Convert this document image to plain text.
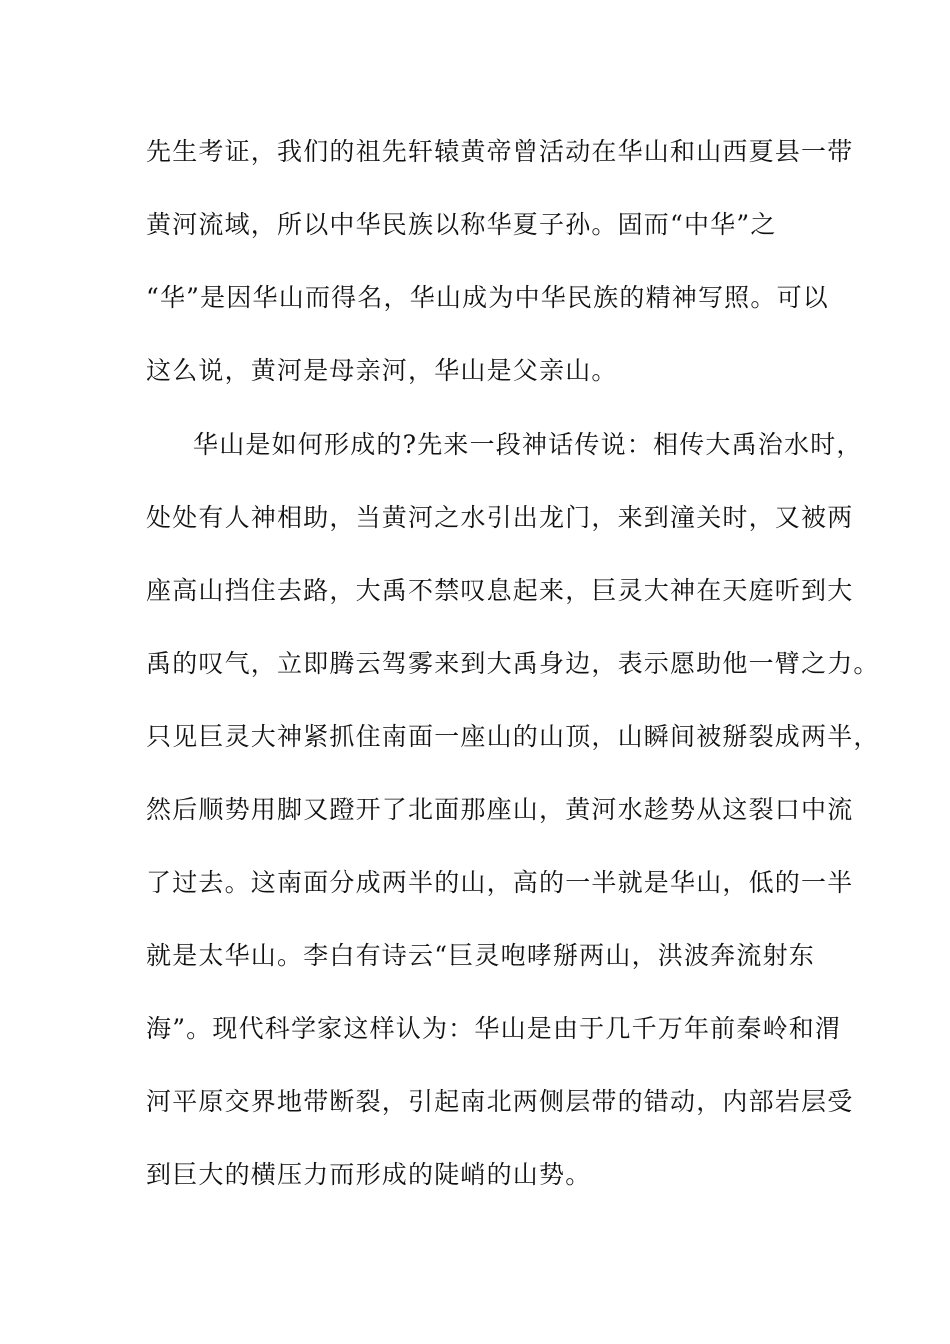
先生考证，我们的祖先轩辕黄帝曾活动在华山和山西夏县一带
黄河流域，所以中华民族以称华夏子孙。固而“中华”之
“华”是因华山而得名，华山成为中华民族的精神写照。可以
这么说，黄河是母亲河，华山是父亲山。
华山是如何形成的?先来一段神话传说：相传大禹治水时，
处处有人神相助，当黄河之水引出龙门，来到潼关时，又被两
座高山挡住去路，大禹不禁叹息起来，巨灵大神在天庭听到大
禹的叹气，立即腾云驾雾来到大禹身边，表示愿助他一臂之力。
只见巨灵大神紧抓住南面一座山的山顶，山瞬间被掰裂成两半，
然后顺势用脚又蹬开了北面那座山，黄河水趁势从这裂口中流
了过去。这南面分成两半的山，高的一半就是华山，低的一半
就是太华山。李白有诗云“巨灵咆哮掰两山，洪波奔流射东
海”。现代科学家这样认为：华山是由于几千万年前秦岭和渭
河平原交界地带断裂，引起南北两侧层带的错动，内部岩层受
到巨大的横压力而形成的陡峭的山势。
